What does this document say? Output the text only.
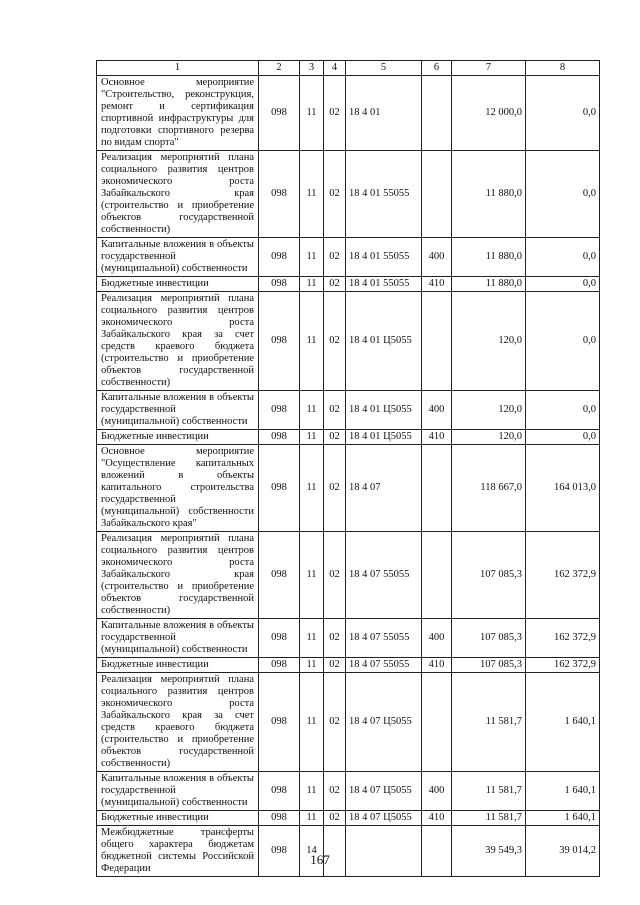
1	2	3	4	5	6	7	8
Основное мероприятие "Строительство, реконструкция, ремонт и сертификация спортивной инфраструктуры для подготовки спортивного резерва по видам спорта"	098	11	02	18 4 01		12 000,0	0,0
Реализация мероприятий плана социального развития центров экономического роста Забайкальского края (строительство и приобретение объектов государственной собственности)	098	11	02	18 4 01 55055		11 880,0	0,0
Капитальные вложения в объекты государственной (муниципальной) собственности	098	11	02	18 4 01 55055	400	11 880,0	0,0
Бюджетные инвестиции	098	11	02	18 4 01 55055	410	11 880,0	0,0
Реализация мероприятий плана социального развития центров экономического роста Забайкальского края за счет средств краевого бюджета (строительство и приобретение объектов государственной собственности)	098	11	02	18 4 01 Ц5055		120,0	0,0
Капитальные вложения в объекты государственной (муниципальной) собственности	098	11	02	18 4 01 Ц5055	400	120,0	0,0
Бюджетные инвестиции	098	11	02	18 4 01 Ц5055	410	120,0	0,0
Основное мероприятие "Осуществление капитальных вложений в объекты капитального строительства государственной (муниципальной) собственности Забайкальского края"	098	11	02	18 4 07		118 667,0	164 013,0
Реализация мероприятий плана социального развития центров экономического роста Забайкальского края (строительство и приобретение объектов государственной собственности)	098	11	02	18 4 07 55055		107 085,3	162 372,9
Капитальные вложения в объекты государственной (муниципальной) собственности	098	11	02	18 4 07 55055	400	107 085,3	162 372,9
Бюджетные инвестиции	098	11	02	18 4 07 55055	410	107 085,3	162 372,9
Реализация мероприятий плана социального развития центров экономического роста Забайкальского края за счет средств краевого бюджета (строительство и приобретение объектов государственной собственности)	098	11	02	18 4 07 Ц5055		11 581,7	1 640,1
Капитальные вложения в объекты государственной (муниципальной) собственности	098	11	02	18 4 07 Ц5055	400	11 581,7	1 640,1
Бюджетные инвестиции	098	11	02	18 4 07 Ц5055	410	11 581,7	1 640,1
Межбюджетные трансферты общего характера бюджетам бюджетной системы Российской Федерации	098	14				39 549,3	39 014,2
167
